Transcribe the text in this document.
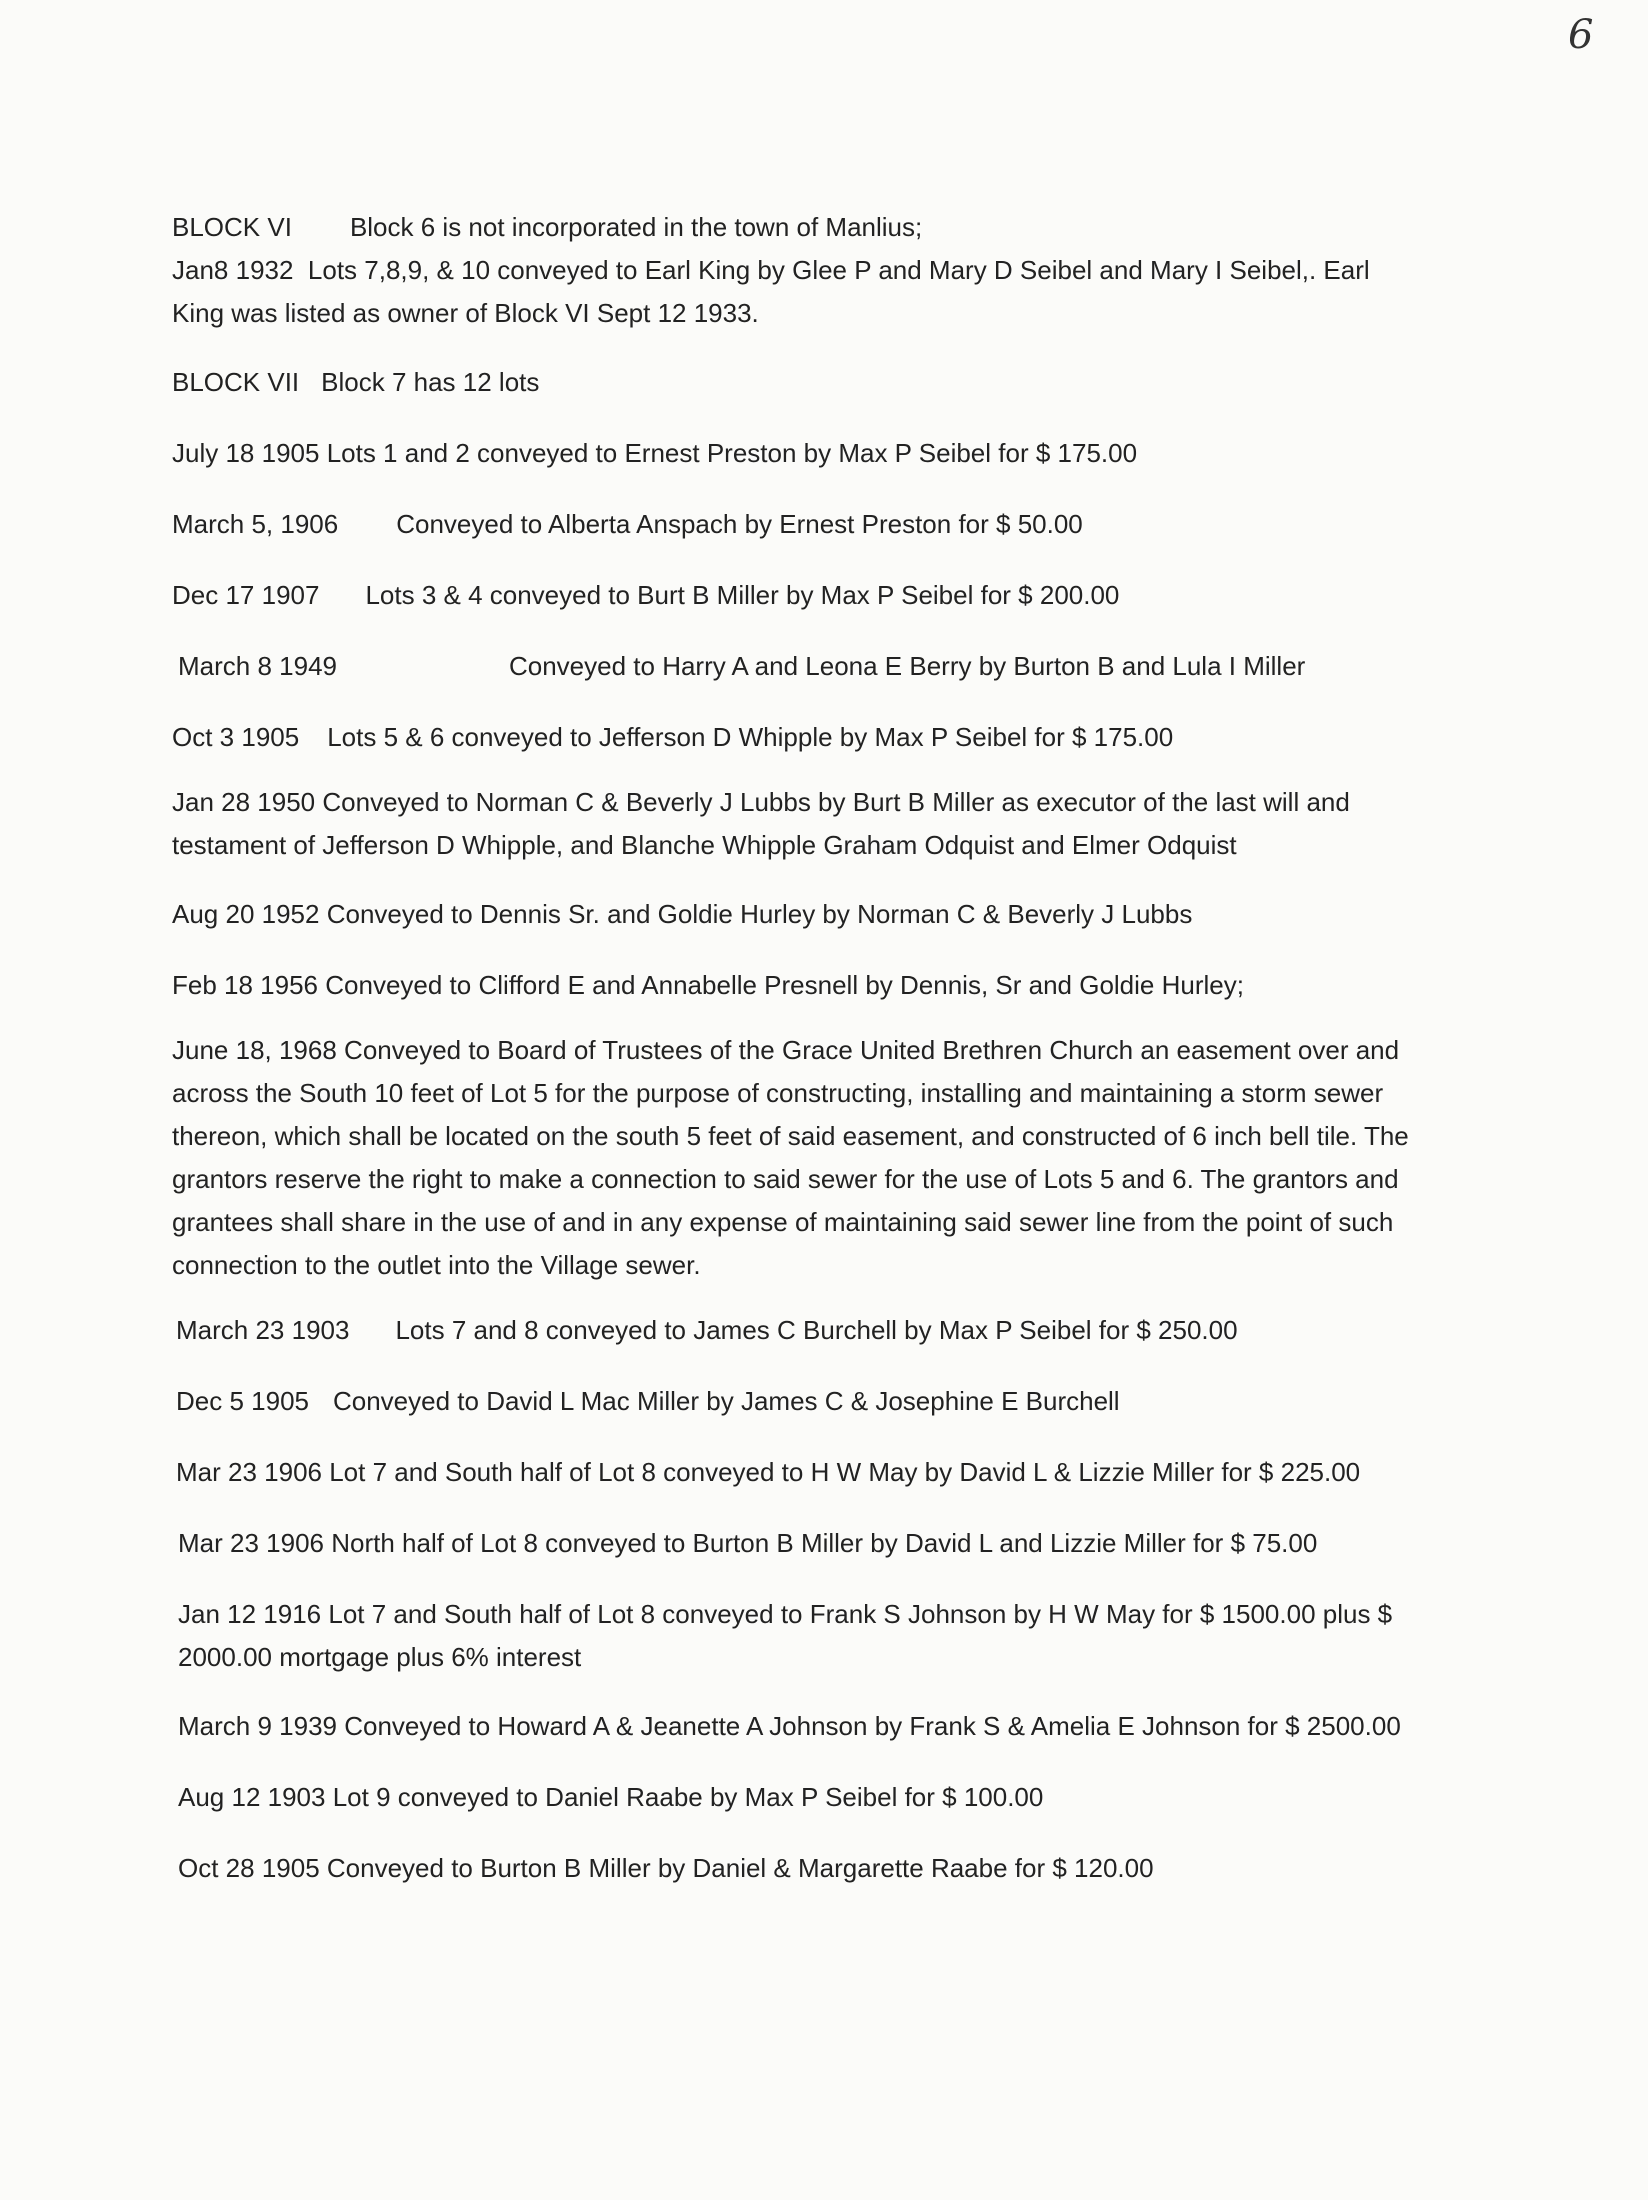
6

BLOCK VI Block 6 is not incorporated in the town of Manlius;

Jan8 1932 Lots 7,8,9, & 10 conveyed to Earl King by Glee P and Mary D Seibel and Mary I Seibel,. Earl King was listed as owner of Block VI Sept 12 1933.

BLOCK VII Block 7 has 12 lots

July 18 1905 Lots 1 and 2 conveyed to Ernest Preston by Max P Seibel for $ 175.00

March 5, 1906 Conveyed to Alberta Anspach by Ernest Preston for $ 50.00

Dec 17 1907 Lots 3 & 4 conveyed to Burt B Miller by Max P Seibel for $ 200.00

March 8 1949	Conveyed to Harry A and Leona E Berry by Burton B and Lula I Miller

Oct 3 1905 Lots 5 & 6 conveyed to Jefferson D Whipple by Max P Seibel for $ 175.00

Jan 28 1950 Conveyed to Norman C & Beverly J Lubbs by Burt B Miller as executor of the last will and testament of Jefferson D Whipple, and Blanche Whipple Graham Odquist and Elmer Odquist

Aug 20 1952 Conveyed to Dennis Sr. and Goldie Hurley by Norman C & Beverly J Lubbs

Feb 18 1956 Conveyed to Clifford E and Annabelle Presnell by Dennis, Sr and Goldie Hurley;

June 18, 1968 Conveyed to Board of Trustees of the Grace United Brethren Church an easement over and across the South 10 feet of Lot 5 for the purpose of constructing, installing and maintaining a storm sewer thereon, which shall be located on the south 5 feet of said easement, and constructed of 6 inch bell tile. The grantors reserve the right to make a connection to said sewer for the use of Lots 5 and 6. The grantors and grantees shall share in the use of and in any expense of maintaining said sewer line from the point of such connection to the outlet into the Village sewer.

March 23 1903 Lots 7 and 8 conveyed to James C Burchell by Max P Seibel for $ 250.00

Dec 5 1905 Conveyed to David L Mac Miller by James C & Josephine E Burchell

Mar 23 1906 Lot 7 and South half of Lot 8 conveyed to H W May by David L & Lizzie Miller for $ 225.00

Mar 23 1906 North half of Lot 8 conveyed to Burton B Miller by David L and Lizzie Miller for $ 75.00

Jan 12 1916 Lot 7 and South half of Lot 8 conveyed to Frank S Johnson by H W May for $ 1500.00 plus $ 2000.00 mortgage plus 6% interest

March 9 1939 Conveyed to Howard A & Jeanette A Johnson by Frank S & Amelia E Johnson for $ 2500.00

Aug 12 1903 Lot 9 conveyed to Daniel Raabe by Max P Seibel for $ 100.00

Oct 28 1905 Conveyed to Burton B Miller by Daniel & Margarette Raabe for $ 120.00
